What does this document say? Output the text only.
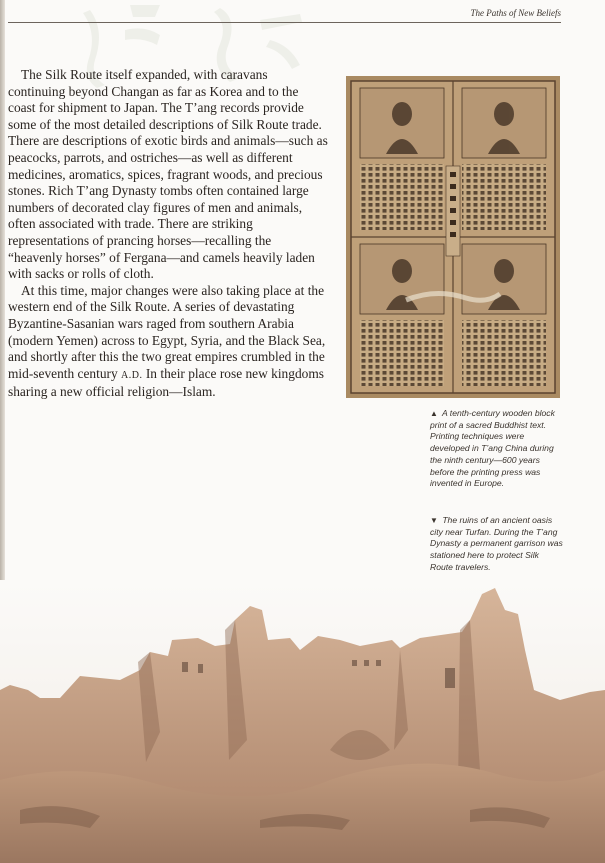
The Paths of New Beliefs

The Silk Route itself expanded, with caravans continuing beyond Changan as far as Korea and to the coast for shipment to Japan. The T’ang records provide some of the most detailed descriptions of Silk Route trade. There are descriptions of exotic birds and animals—such as peacocks, parrots, and ostriches—as well as different medicines, aromatics, spices, fragrant woods, and precious stones. Rich T’ang Dynasty tombs often contained large numbers of decorated clay figures of men and animals, often associated with trade. There are striking representations of prancing horses—recalling the “heavenly horses” of Fergana—and camels heavily laden with sacks or rolls of cloth.

At this time, major changes were also taking place at the western end of the Silk Route. A series of devastating Byzantine-Sasanian wars raged from southern Arabia (modern Yemen) across to Egypt, Syria, and the Black Sea, and shortly after this the two great empires crumbled in the mid-seventh century A.D. In their place rose new kingdoms sharing a new official religion—Islam.

▲ A tenth-century wooden block print of a sacred Buddhist text. Printing techniques were developed in T’ang China during the ninth century—600 years before the printing press was invented in Europe.
▼ The ruins of an ancient oasis city near Turfan. During the T’ang Dynasty a permanent garrison was stationed here to protect Silk Route travelers.
